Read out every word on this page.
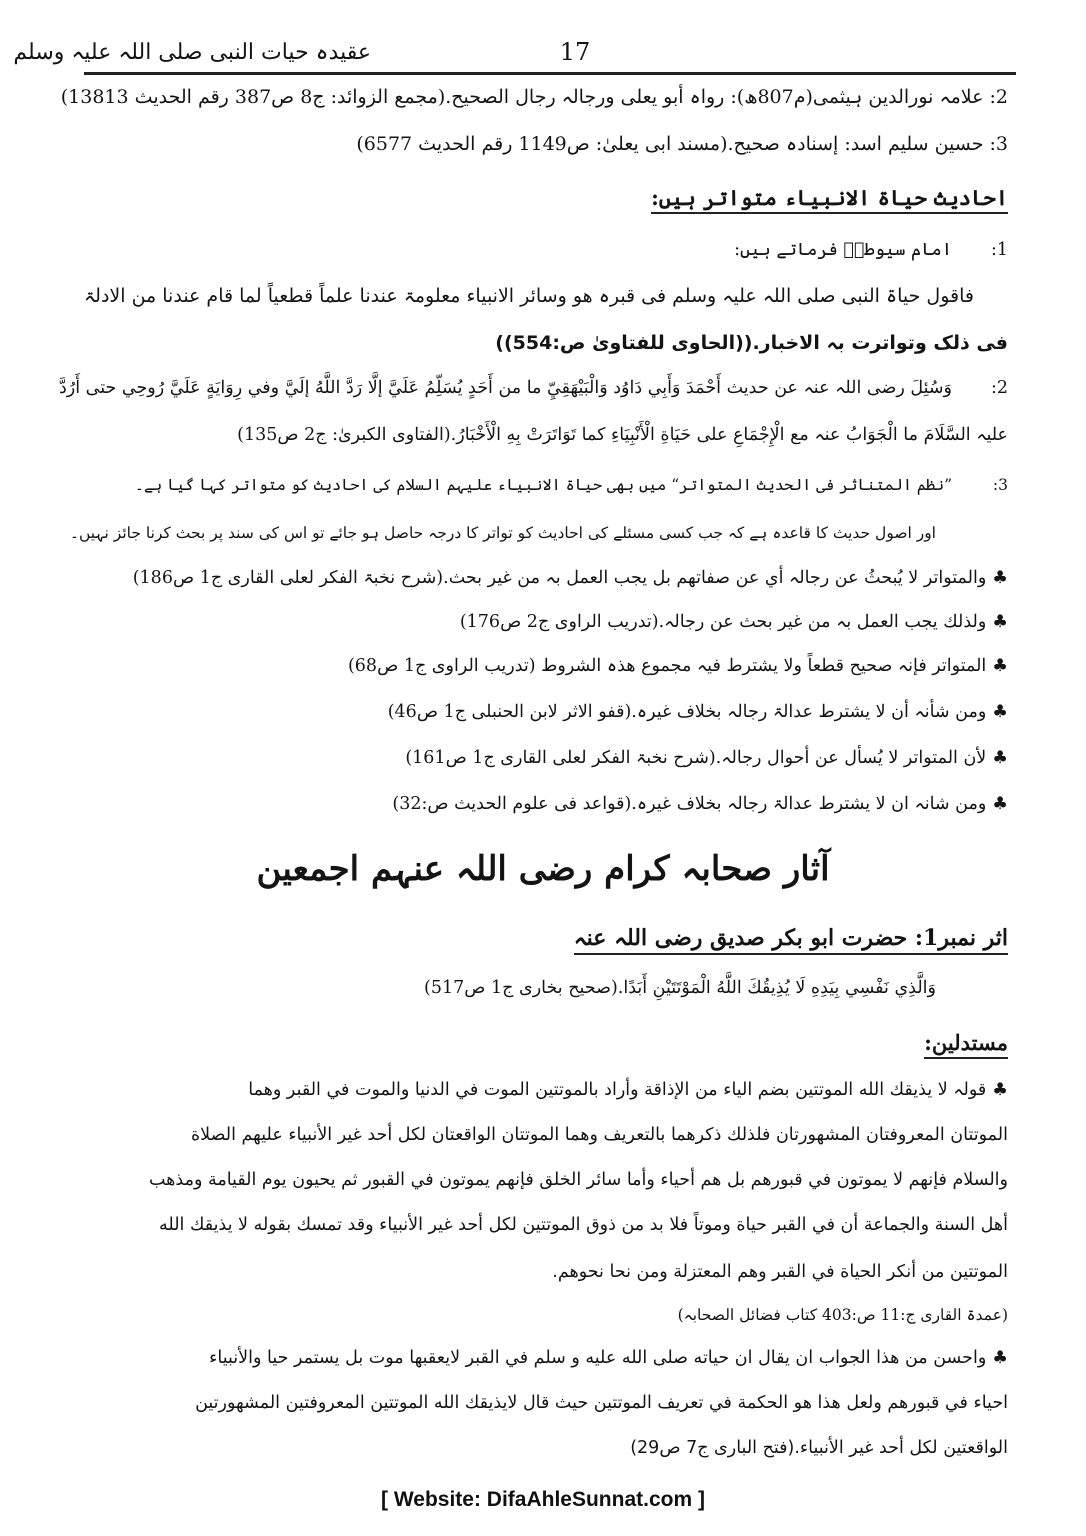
17
عقیدہ حیات النبی صلی اللہ علیہ وسلم

2: علامہ نورالدین ہیثمی(م807ھ): رواہ أبو یعلی ورجالہ رجال الصحیح.(مجمع الزوائد: ج8 ص387 رقم الحدیث 13813)

3: حسین سلیم اسد: إسنادہ صحیح.(مسند ابی یعلیٰ: ص1149 رقم الحدیث 6577)

احادیث حیاۃ الانبیاء متواتر ہیں:

1:امام سیوطیؒ فرماتے ہیں:

فاقول حیاۃ النبی صلی اللہ علیہ وسلم فی قبرہ ھو وسائر الانبیاء معلومۃ عندنا علماً قطعیاً لما قام عندنا من الادلۃ

فی ذلک وتواترت بہ الاخبار.((الحاوی للفتاویٰ ص:554))

2:وَسُئِلَ رضی اللہ عنہ عن حدیث أَحْمَدَ وَأَبِي دَاوُد وَالْبَيْهَقِيِّ ما من أَحَدٍ يُسَلِّمُ عَلَيَّ إلَّا رَدَّ اللَّهُ إلَيَّ وفي رِوَايَةٍ عَلَيَّ رُوحِي حتى أَرُدَّ

علیہ السَّلَامَ ما الْجَوَابُ عنہ مع الْإِجْمَاعِ علی حَيَاةِ الْأَنْبِيَاءِ كما تَوَاتَرَتْ بِهِ الْأَخْبَارُ.(الفتاوی الکبریٰ: ج2 ص135)

3:”نظم المتناثر فی الحدیث المتواتر“ میں بھی حیاۃ الانبیاء علیہم السلام کی احادیث کو متواتر کہا گیا ہے۔

اور اصول حدیث کا قاعدہ ہے کہ جب کسی مسئلے کی احادیث کو تواتر کا درجہ حاصل ہو جائے تو اس کی سند پر بحث کرنا جائز نہیں۔

♣والمتواتر لا يُبحثُ عن رجالہ أي عن صفاتھم بل يجب العمل بہ من غير بحث.(شرح نخبۃ الفکر لعلی القاری ج1 ص186)

♣ولذلك يجب العمل بہ من غير بحث عن رجالہ.(تدریب الراوی ج2 ص176)

♣المتواتر فإنہ صحيح قطعاً ولا يشترط فيہ مجموع ھذہ الشروط (تدریب الراوی ج1 ص68)

♣ومن شأنہ أن لا يشترط عدالۃ رجالہ بخلاف غيرہ.(قفو الاثر لابن الحنبلی ج1 ص46)

♣لأن المتواتر لا يُسأل عن أحوال رجالہ.(شرح نخبۃ الفکر لعلی القاری ج1 ص161)

♣ومن شانہ ان لا يشترط عدالۃ رجالہ بخلاف غيرہ.(قواعد فی علوم الحدیث ص:32)

آثار صحابہ کرام رضی اللہ عنہم اجمعین
اثر نمبر1: حضرت ابو بکر صدیق رضی اللہ عنہ

وَالَّذِي نَفْسِي بِيَدِهِ لَا يُذِيقُكَ اللَّهُ الْمَوْتَتَيْنِ أَبَدًا.(صحیح بخاری ج1 ص517)

مستدلین:

♣قولہ لا يذيقك الله الموتتين بضم الياء من الإذاقة وأراد بالموتتين الموت في الدنيا والموت في القبر وهما

الموتتان المعروفتان المشهورتان فلذلك ذكرهما بالتعريف وهما الموتتان الواقعتان لكل أحد غير الأنبياء عليهم الصلاة

والسلام فإنهم لا يموتون في قبورهم بل هم أحياء وأما سائر الخلق فإنهم يموتون في القبور ثم يحيون يوم القيامة ومذهب

أهل السنة والجماعة أن في القبر حياة وموتاً فلا بد من ذوق الموتتين لكل أحد غير الأنبياء وقد تمسك بقوله لا يذيقك الله

الموتتين من أنكر الحياة في القبر وهم المعتزلة ومن نحا نحوهم.

(عمدۃ القاری ج:11 ص:403 کتاب فضائل الصحابہ)

♣واحسن من هذا الجواب ان يقال ان حياته صلى الله عليه و سلم في القبر لايعقبها موت بل يستمر حيا والأنبياء

احياء في قبورهم ولعل هذا هو الحكمة في تعريف الموتتين حيث قال لايذيقك الله الموتتين المعروفتين المشهورتين

الواقعتين لكل أحد غير الأنبياء.(فتح الباری ج7 ص29)

[ Website: DifaAhleSunnat.com ]
